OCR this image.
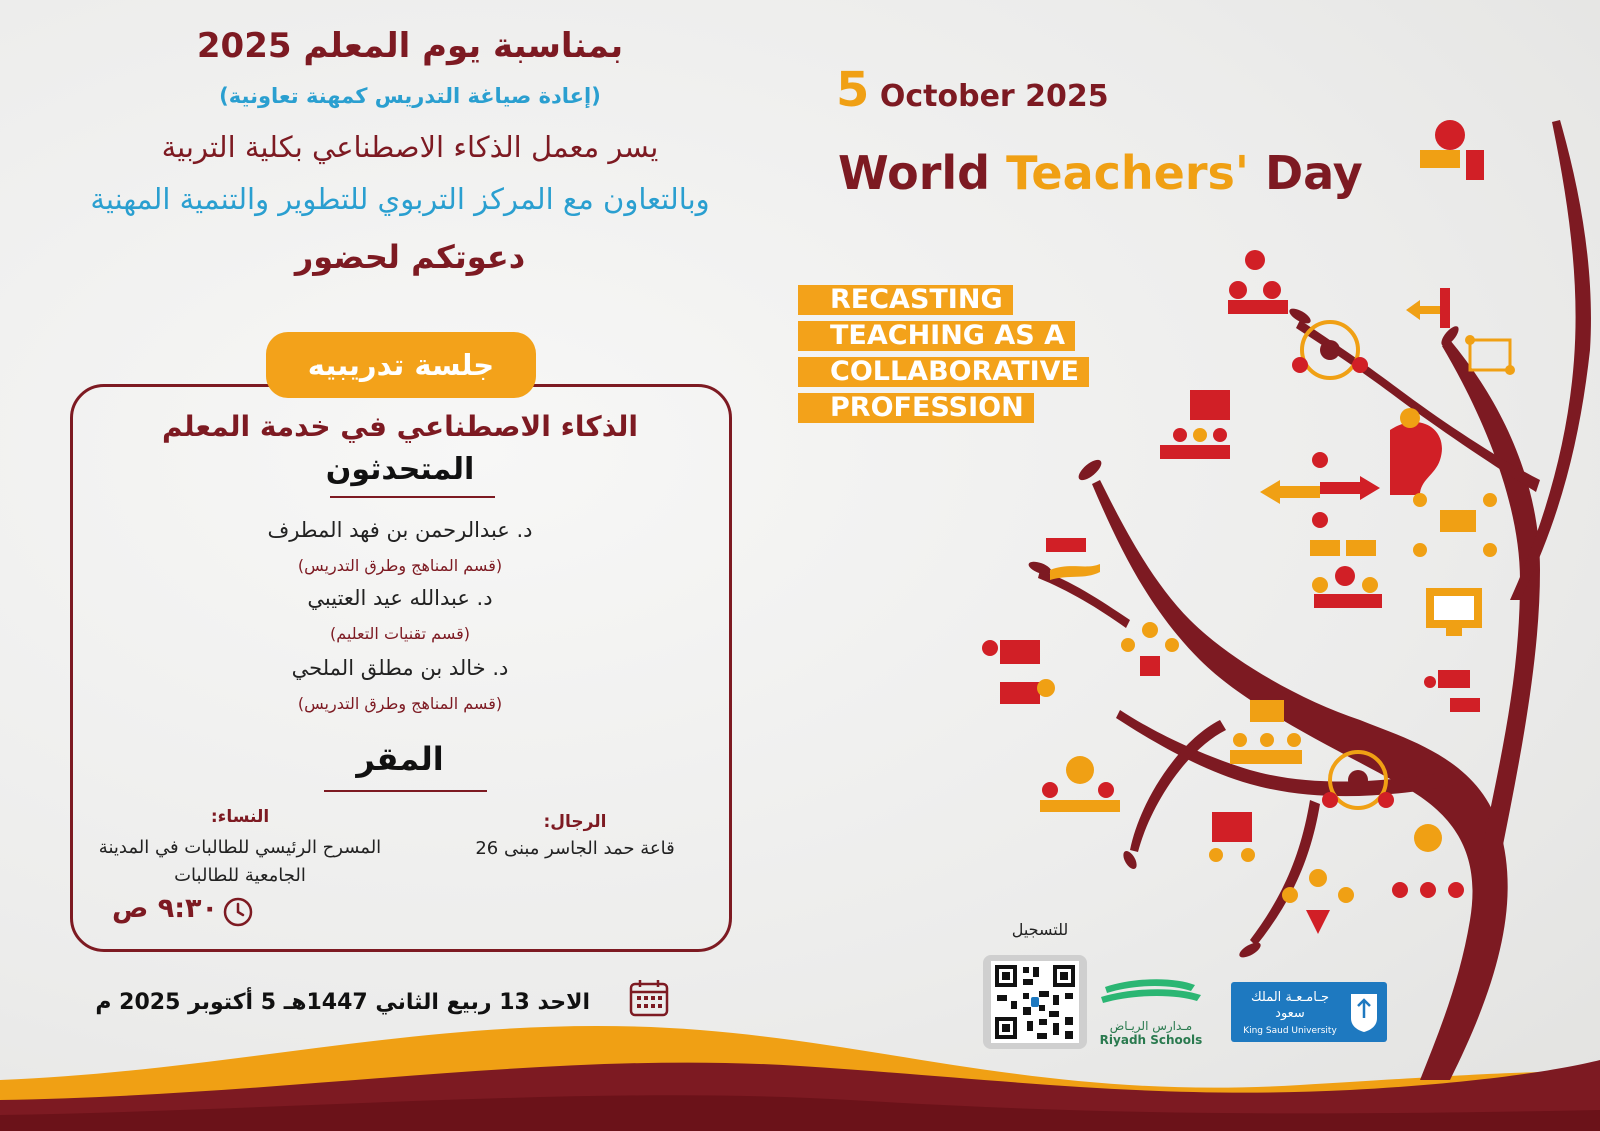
بمناسبة يوم المعلم 2025
(إعادة صياغة التدريس كمهنة تعاونية)
يسر معمل الذكاء الاصطناعي بكلية التربية
وبالتعاون مع المركز التربوي للتطوير والتنمية المهنية
دعوتكم لحضور
جلسة تدريبيه
الذكاء الاصطناعي في خدمة المعلم
المتحدثون
د. عبدالرحمن بن فهد المطرف
(قسم المناهج وطرق التدريس)
د. عبدالله عيد العتيبي
(قسم تقنيات التعليم)
د. خالد بن مطلق الملحي
(قسم المناهج وطرق التدريس)
المقر
الرجال:
قاعة حمد الجاسر مبنى 26
النساء:
المسرح الرئيسي للطالبات في المدينة الجامعية للطالبات
٩:٣٠ ص
الاحد 13 ربيع الثاني 1447هـ 5 أكتوبر 2025 م
5 October 2025
World Teachers' Day
RECASTING
TEACHING AS A
COLLABORATIVE
PROFESSION
للتسجيل
مـدارس الريـاض
Riyadh Schools
جـامـعـة الملك سعود
King Saud University
